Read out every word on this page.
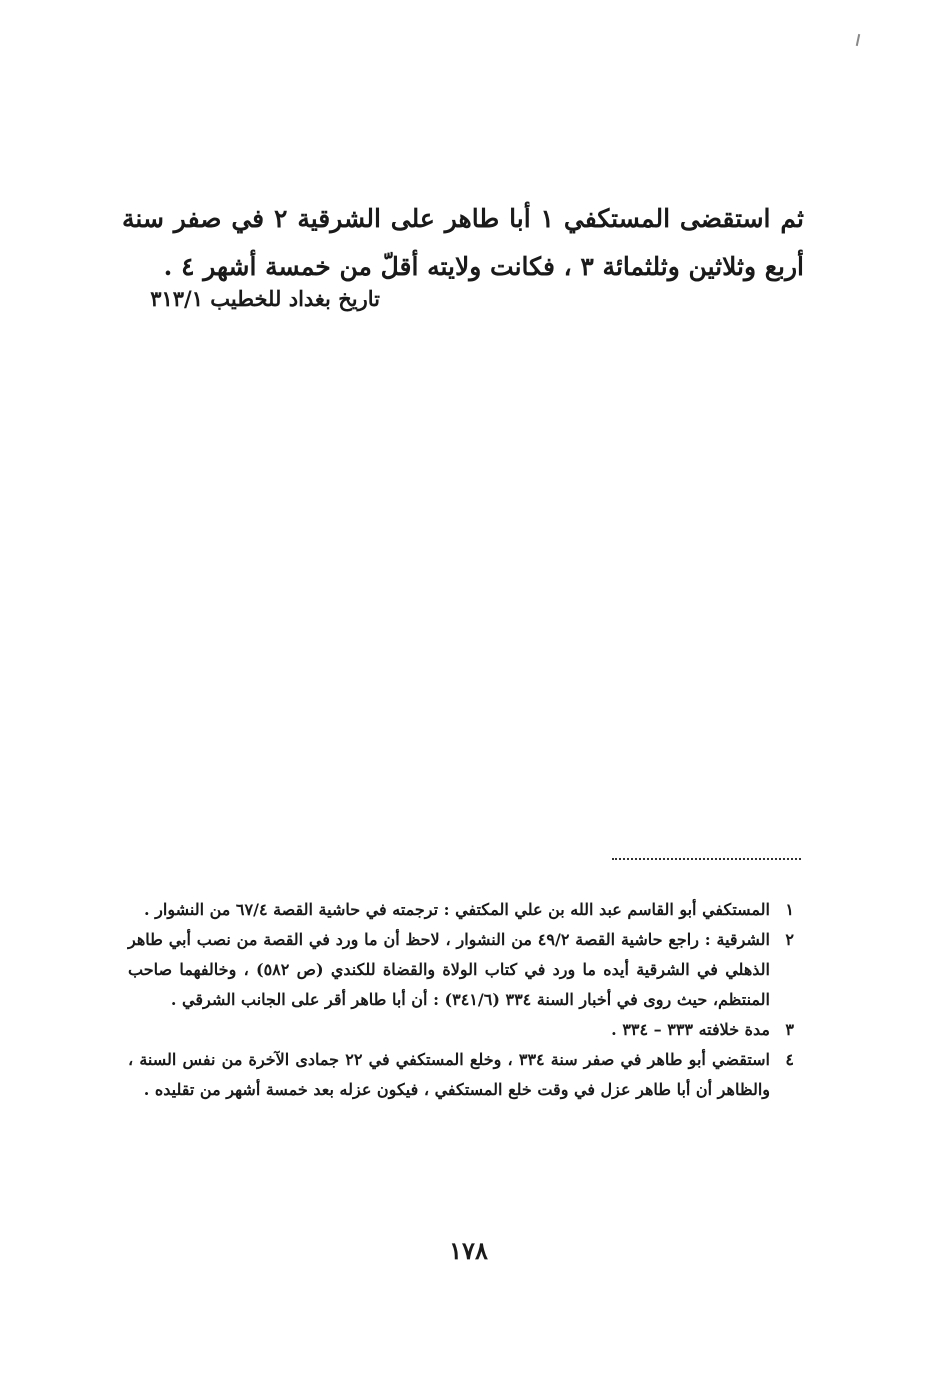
ثم استقضى المستكفي ١ أبا طاهر على الشرقية ٢ في صفر سنة أربع وثلاثين وثلثمائة ٣ ، فكانت ولايته أقلّ من خمسة أشهر ٤ .

تاريخ بغداد للخطيب ٣١٣/١
١
المستكفي أبو القاسم عبد الله بن علي المكتفي : ترجمته في حاشية القصة ٦٧/٤ من النشوار .
٢
الشرقية : راجع حاشية القصة ٤٩/٢ من النشوار ، لاحظ أن ما ورد في القصة من نصب أبي طاهر الذهلي في الشرقية أيده ما ورد في كتاب الولاة والقضاة للكندي (ص ٥٨٢) ، وخالفهما صاحب المنتظم، حيث روى في أخبار السنة ٣٣٤ (٣٤١/٦) : أن أبا طاهر أقر على الجانب الشرقي .
٣
مدة خلافته ٣٣٣ – ٣٣٤ .
٤
استقضي أبو طاهر في صفر سنة ٣٣٤ ، وخلع المستكفي في ٢٢ جمادى الآخرة من نفس السنة ، والظاهر أن أبا طاهر عزل في وقت خلع المستكفي ، فيكون عزله بعد خمسة أشهر من تقليده .
١٧٨
